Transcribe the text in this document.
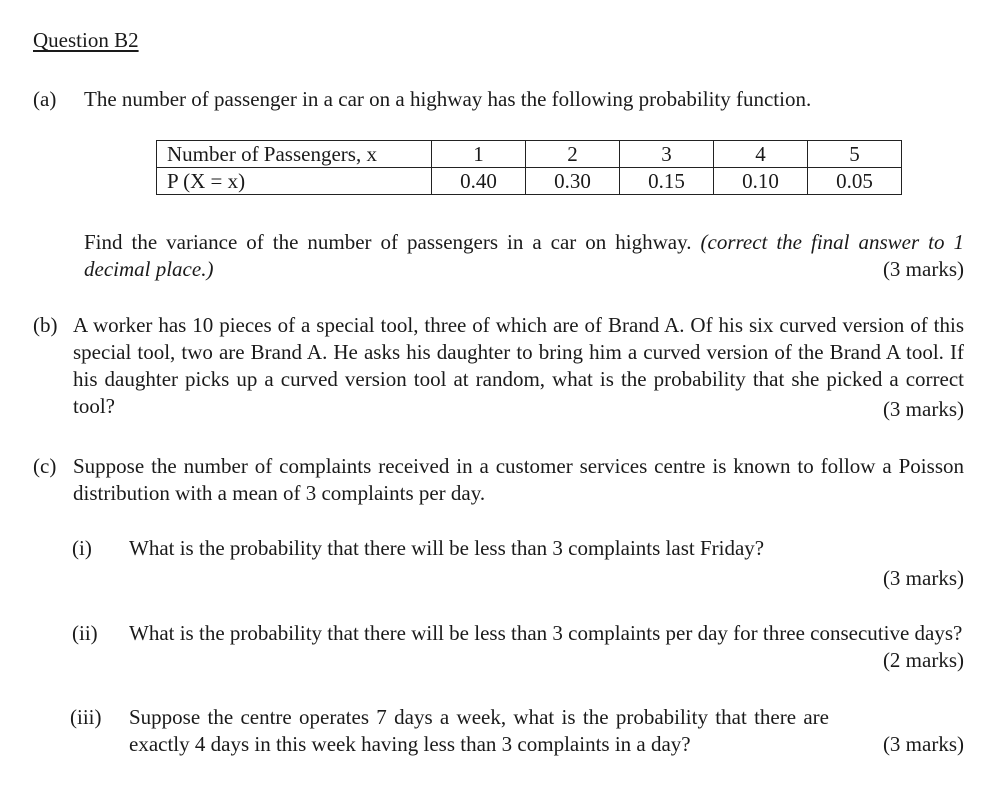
Question B2
(a) The number of passenger in a car on a highway has the following probability function.
Number of Passengers, x	1	2	3	4	5
P (X = x)	0.40	0.30	0.15	0.10	0.05
Find the variance of the number of passengers in a car on highway. (correct the final answer to 1 decimal place.)	(3 marks)
(b) A worker has 10 pieces of a special tool, three of which are of Brand A. Of his six curved version of this special tool, two are Brand A. He asks his daughter to bring him a curved version of the Brand A tool. If his daughter picks up a curved version tool at random, what is the probability that she picked a correct tool?	(3 marks)
(c) Suppose the number of complaints received in a customer services centre is known to follow a Poisson distribution with a mean of 3 complaints per day.
(i) What is the probability that there will be less than 3 complaints last Friday?
(3 marks)
(ii) What is the probability that there will be less than 3 complaints per day for three consecutive days?
(2 marks)
(iii) Suppose the centre operates 7 days a week, what is the probability that there are exactly 4 days in this week having less than 3 complaints in a day?	(3 marks)
